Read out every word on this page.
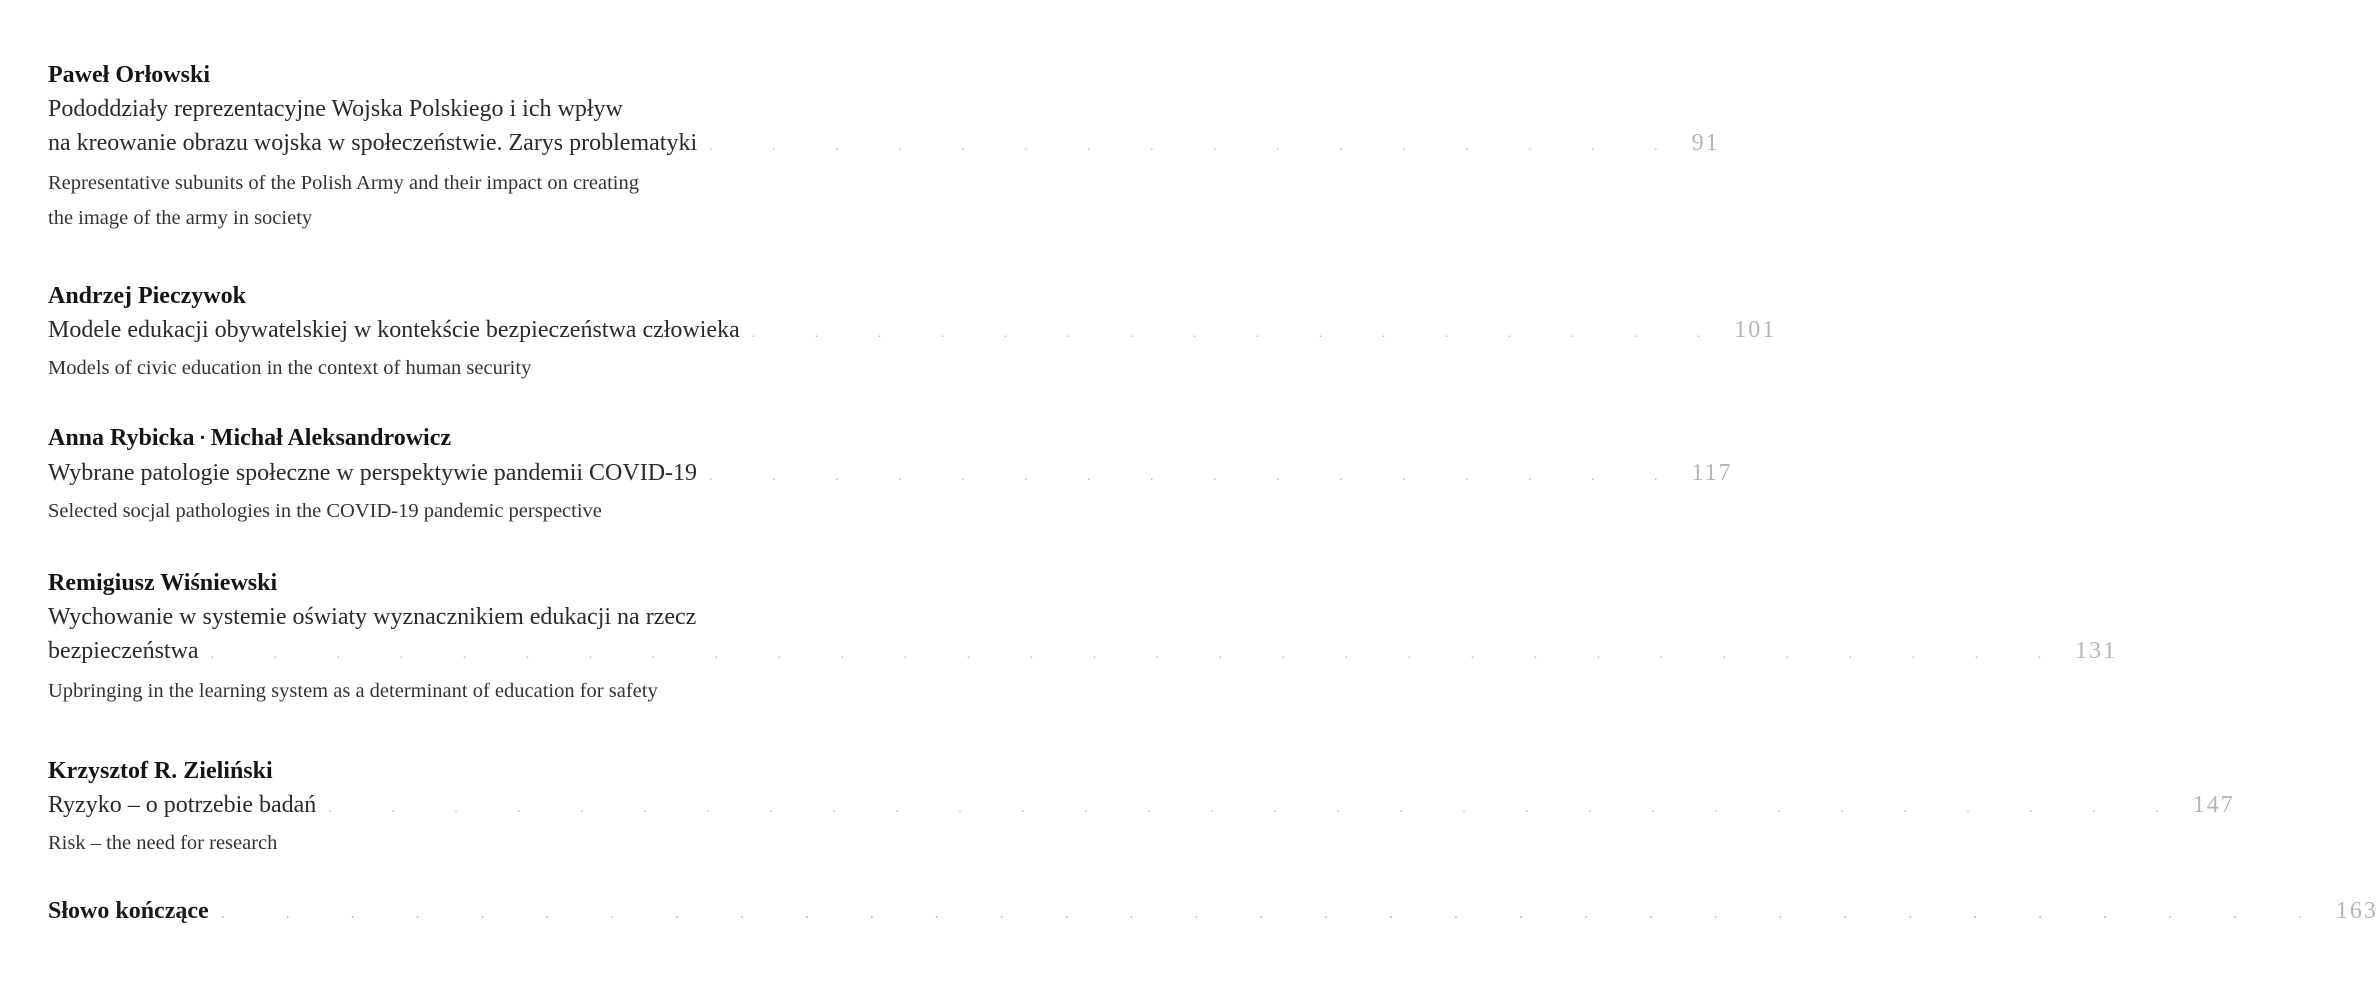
Paweł Orłowski
Pododdziały reprezentacyjne Wojska Polskiego i ich wpływ
na kreowanie obrazu wojska w społeczeństwie. Zarys problematyki . . . . . . . . . . . . . . . . 91
Representative subunits of the Polish Army and their impact on creating
the image of the army in society
Andrzej Pieczywok
Modele edukacji obywatelskiej w kontekście bezpieczeństwa człowieka . . . . . . . . . . . . . . . . 101
Models of civic education in the context of human security
Anna Rybicka ▪ Michał Aleksandrowicz
Wybrane patologie społeczne w perspektywie pandemii COVID-19 . . . . . . . . . . . . . . . . 117
Selected socjal pathologies in the COVID-19 pandemic perspective
Remigiusz Wiśniewski
Wychowanie w systemie oświaty wyznacznikiem edukacji na rzecz
bezpieczeństwa . . . . . . . . . . . . . . . . . . . . . . . . . . . . . . 131
Upbringing in the learning system as a determinant of education for safety
Krzysztof R. Zieliński
Ryzyko – o potrzebie badań . . . . . . . . . . . . . . . . . . . . . . . . . . . . . . 147
Risk – the need for research
Słowo kończące . . . . . . . . . . . . . . . . . . . . . . . . . . . . . . . . . 163
